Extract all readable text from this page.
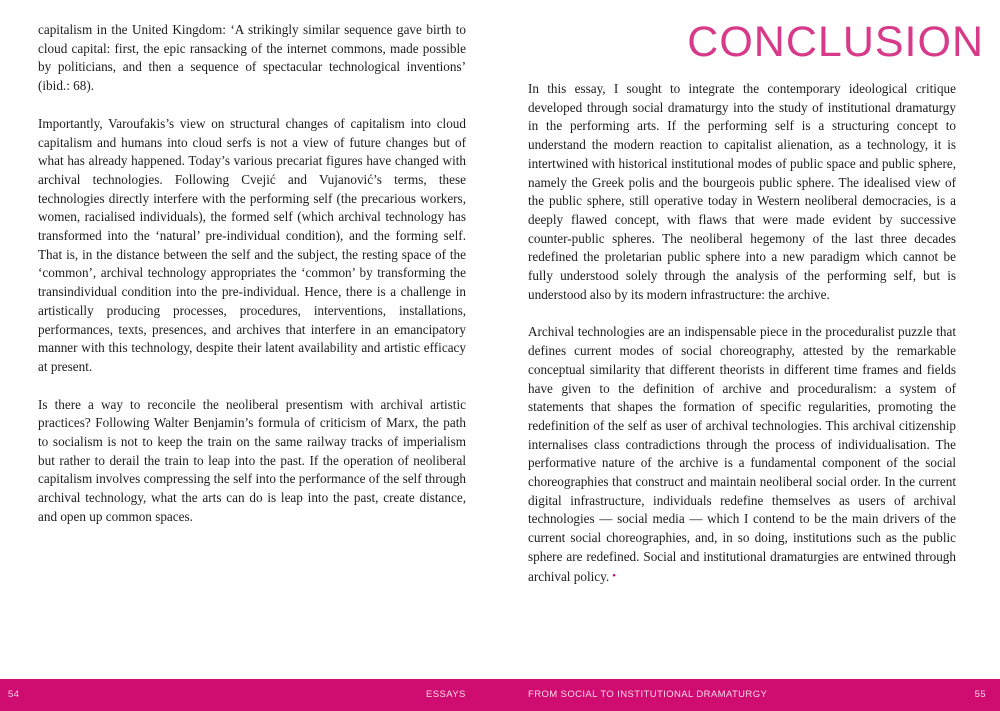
capitalism in the United Kingdom: ‘A strikingly similar sequence gave birth to cloud capital: first, the epic ransacking of the internet commons, made possible by politicians, and then a sequence of spectacular technological inventions’ (ibid.: 68).

Importantly, Varoufakis’s view on structural changes of capitalism into cloud capitalism and humans into cloud serfs is not a view of future changes but of what has already happened. Today’s various precariat figures have changed with archival technologies. Following Cvejić and Vujanović’s terms, these technologies directly interfere with the performing self (the precarious workers, women, racialised individuals), the formed self (which archival technology has transformed into the ‘natural’ pre-individual condition), and the forming self. That is, in the distance between the self and the subject, the resting space of the ‘common’, archival technology appropriates the ‘common’ by transforming the transindividual condition into the pre-individual. Hence, there is a challenge in artistically producing processes, procedures, interventions, installations, performances, texts, presences, and archives that interfere in an emancipatory manner with this technology, despite their latent availability and artistic efficacy at present.

Is there a way to reconcile the neoliberal presentism with archival artistic practices? Following Walter Benjamin’s formula of criticism of Marx, the path to socialism is not to keep the train on the same railway tracks of imperialism but rather to derail the train to leap into the past. If the operation of neoliberal capitalism involves compressing the self into the performance of the self through archival technology, what the arts can do is leap into the past, create distance, and open up common spaces.

CONCLUSION

In this essay, I sought to integrate the contemporary ideological critique developed through social dramaturgy into the study of institutional dramaturgy in the performing arts. If the performing self is a structuring concept to understand the modern reaction to capitalist alienation, as a technology, it is intertwined with historical institutional modes of public space and public sphere, namely the Greek polis and the bourgeois public sphere. The idealised view of the public sphere, still operative today in Western neoliberal democracies, is a deeply flawed concept, with flaws that were made evident by successive counter-public spheres. The neoliberal hegemony of the last three decades redefined the proletarian public sphere into a new paradigm which cannot be fully understood solely through the analysis of the performing self, but is understood also by its modern infrastructure: the archive.

Archival technologies are an indispensable piece in the proceduralist puzzle that defines current modes of social choreography, attested by the remarkable conceptual similarity that different theorists in different time frames and fields have given to the definition of archive and proceduralism: a system of statements that shapes the formation of specific regularities, promoting the redefinition of the self as user of archival technologies. This archival citizenship internalises class contradictions through the process of individualisation. The performative nature of the archive is a fundamental component of the social choreographies that construct and maintain neoliberal social order. In the current digital infrastructure, individuals redefine themselves as users of archival technologies — social media — which I contend to be the main drivers of the current social choreographies, and, in so doing, institutions such as the public sphere are redefined. Social and institutional dramaturgies are entwined through archival policy. •

54	ESSAYS	FROM SOCIAL TO INSTITUTIONAL DRAMATURGY	55
